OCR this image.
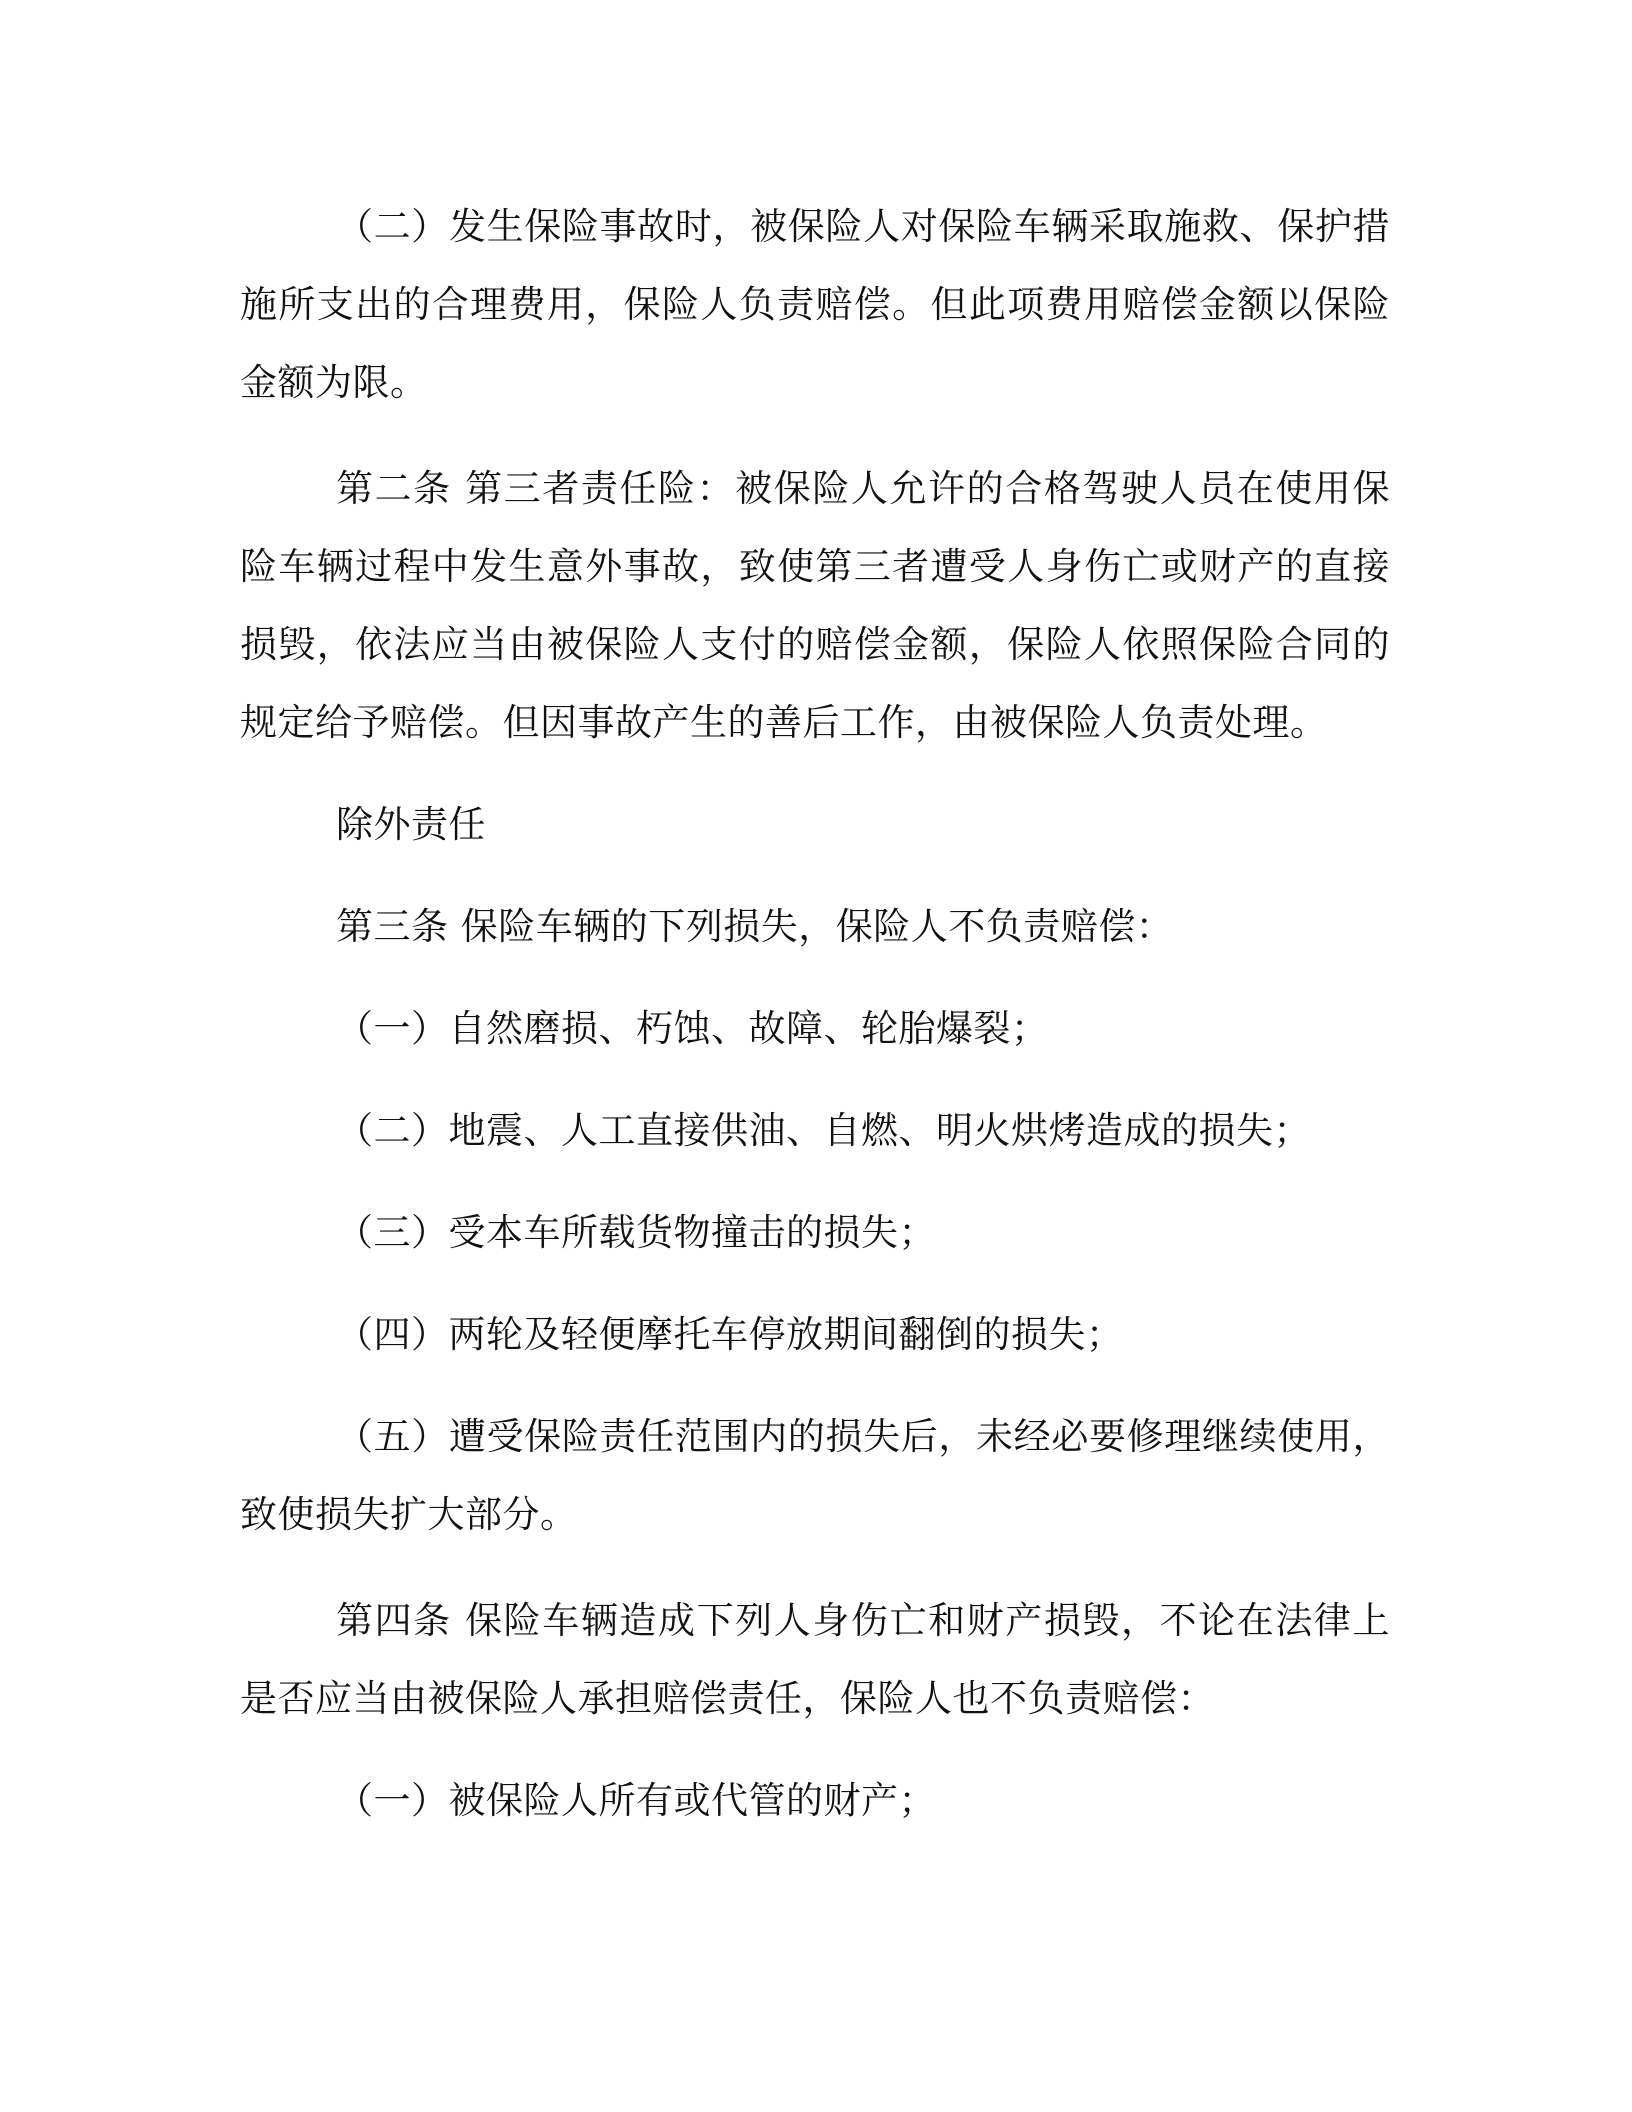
（二）发生保险事故时，被保险人对保险车辆采取施救、保护措施所支出的合理费用，保险人负责赔偿。但此项费用赔偿金额以保险金额为限。

第二条 第三者责任险：被保险人允许的合格驾驶人员在使用保险车辆过程中发生意外事故，致使第三者遭受人身伤亡或财产的直接损毁，依法应当由被保险人支付的赔偿金额，保险人依照保险合同的规定给予赔偿。但因事故产生的善后工作，由被保险人负责处理。

除外责任

第三条 保险车辆的下列损失，保险人不负责赔偿：

（一）自然磨损、朽蚀、故障、轮胎爆裂；

（二）地震、人工直接供油、自燃、明火烘烤造成的损失；

（三）受本车所载货物撞击的损失；

（四）两轮及轻便摩托车停放期间翻倒的损失；

（五）遭受保险责任范围内的损失后，未经必要修理继续使用，致使损失扩大部分。

第四条 保险车辆造成下列人身伤亡和财产损毁，不论在法律上是否应当由被保险人承担赔偿责任，保险人也不负责赔偿：

（一）被保险人所有或代管的财产；
